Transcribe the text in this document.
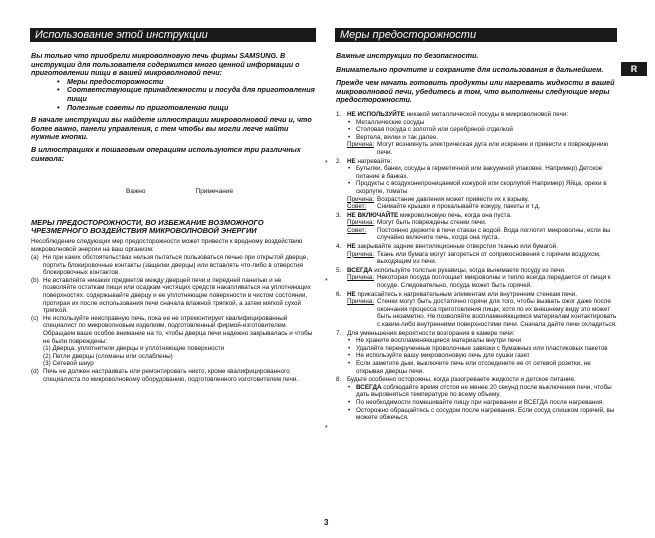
Использование этой инструкции	Меры предосторожности
R
Вы только что приобрели микроволновую печь фирмы SAMSUNG. В инструкции для пользователя содержится много ценной информации о приготовлении пищи в вашей микроволновой печи:
• Меры предосторожности
• Соответствующие принадлежности и посуда для приготовления пищи
• Полезные советы по приготовлению пищи
В начале инструкции вы найдете иллюстрации микроволновой печи и, что более важно, панели управления, с тем чтобы вы могли легче найти нужные кнопки.
В иллюстрациях к пошаговым операциям используются три различных символа:
Важно	Примечание
МЕРЫ ПРЕДОСТОРОЖНОСТИ, ВО ИЗБЕЖАНИЕ ВОЗМОЖНОГО ЧРЕЗМЕРНОГО ВОЗДЕЙСТВИЯ МИКРОВОЛНОВОЙ ЭНЕРГИИ
Несоблюдение следующих мер предосторожности может привести к вредному воздействию микроволновой энергии на ваш организм:
(a) Ни при каких обстоятельствах нельзя пытаться пользоваться печью при открытой дверце, портить блокировочные контакты (защелки дверцы) или вставлять что-либо в отверстия блокировочных контактов.
(b) Не вставляйте никаких предметов между дверцей печи и передней панелью и не позволяйте остаткам пищи или осадкам чистящих средств накапливаться на уплотняющих поверхностях. содержывайте дверцу и ее уплотняющие поверхности в чистом состоянии, протирая их после использования печи сначала влажной тряпкой, а затем мягкой сухой тряпкой.
(c) Не используйте неисправную печь, пока ее не отремонтирует квалифицированный специалист по микроволновым изделиям, подготовленный фирмой-изготовителем.
Обращаем ваше особое внимание на то, чтобы дверца печи надежно закрывалась и чтобы не были повреждены:
(1) Дверца, уплотнители дверцы и уплотняющие поверхности
(2) Петли дверцы (сломаны или ослаблены)
(3) Сетевой шнур
(d) Печь не должен настраивать или ремонтировать никто, кроме квалифицированного специалиста по микроволновому оборудованию, подготовленного изготовителем печи.
Важные инструкции по безопасности.
Внимательно прочтите и сохраните для использования в дальнейшем.
Прежде чем начать готовить продукты или нагревать жидкости в вашей микроволновой печи, убедитесь в том, что выполнены следующие меры предосторожности.
1. НЕ ИСПОЛЬЗУЙТЕ никакой металлической посуды в микроволновой печи:
• Металлические сосуды
• Столовая посуда с золотой или серебряной отделкой
• Вертела, вилки и так далее.
Причина: Могут возникнуть электрическая дуга или искрение и привести к повреждению печи.
2. НЕ нагревайте:
• Бутылки, банки, сосуды в герметичной или вакуумной упаковке. Например) Детское питание в банках.
• Продукты с воздухонепроницаемой кожурой или скорлупой Например) Яйца, орехи в скорлупе, томаты
Причина: Возрастание давления может привести их к взрыву.
Совет:	Снимайте крышки и прокалывайте кожуру, пакеты и т.д.
3. НЕ ВКЛЮЧАЙТЕ микроволновую печь, когда она пуста.
Причина: Могут быть повреждены стенки печи.
Совет:	Постоянно держите в печи стакан с водой. Вода поглотит микроволны, если вы случайно включите печь, когда она пуста.
4. НЕ закрывайте задние вентиляционные отверстия тканью или бумагой.
Причина: Ткань или бумага могут загореться от соприкосновения с горячим воздухом, выходящим из печи.
5. ВСЕГДА используйте толстые рукавицы, когда вынимаете посуду из печи.
Причина: Некоторая посуда поглощает микроволны и тепло всегда передается от пищи к посуде. Следовательно, посуда может быть горячей.
6. НЕ прикасайтесь к нагревательным элементам или внутренним стенкам печи.
Причина: Стенки могут быть достаточно горячи для того, чтобы вызвать ожог даже после окончания процесса приготовления пищи, хотя по их внешнему виду это может быть незаметно. Не позволяйте воспламеняющимся материалам контактировать с каким-либо внутренними поверхностями печи. Сначала дайте печи охладиться.
7. Для уменьшения вероятности возгорания в камере печи:
• Не храните воспламеняющиеся материалы внутри печи
• Удаляйте перекрученные проволочные завязки с бумажных или пластиковых пакетов
• Не используйте вашу микроволновую печь для сушки газет
• Если заметите дым, выключите печь или отсоедините ее от сетевой розетки, не открывая дверцы печи.
8. Будьте особенно осторожны, когда разогреваете жидкости и детское питание.
• ВСЕГДА соблюдайте время отстоя не менее 20 секунд после выключения печи, чтобы дать выровняться температуре по всему объему.
• По необходимости помешивайте пищу при нагревании и ВСЕГДА после нагревания.
• Осторожно обращайтесь с сосудом после нагревания. Если сосуд слишком горячий, вы можете обжечься.
*
*
*
3
